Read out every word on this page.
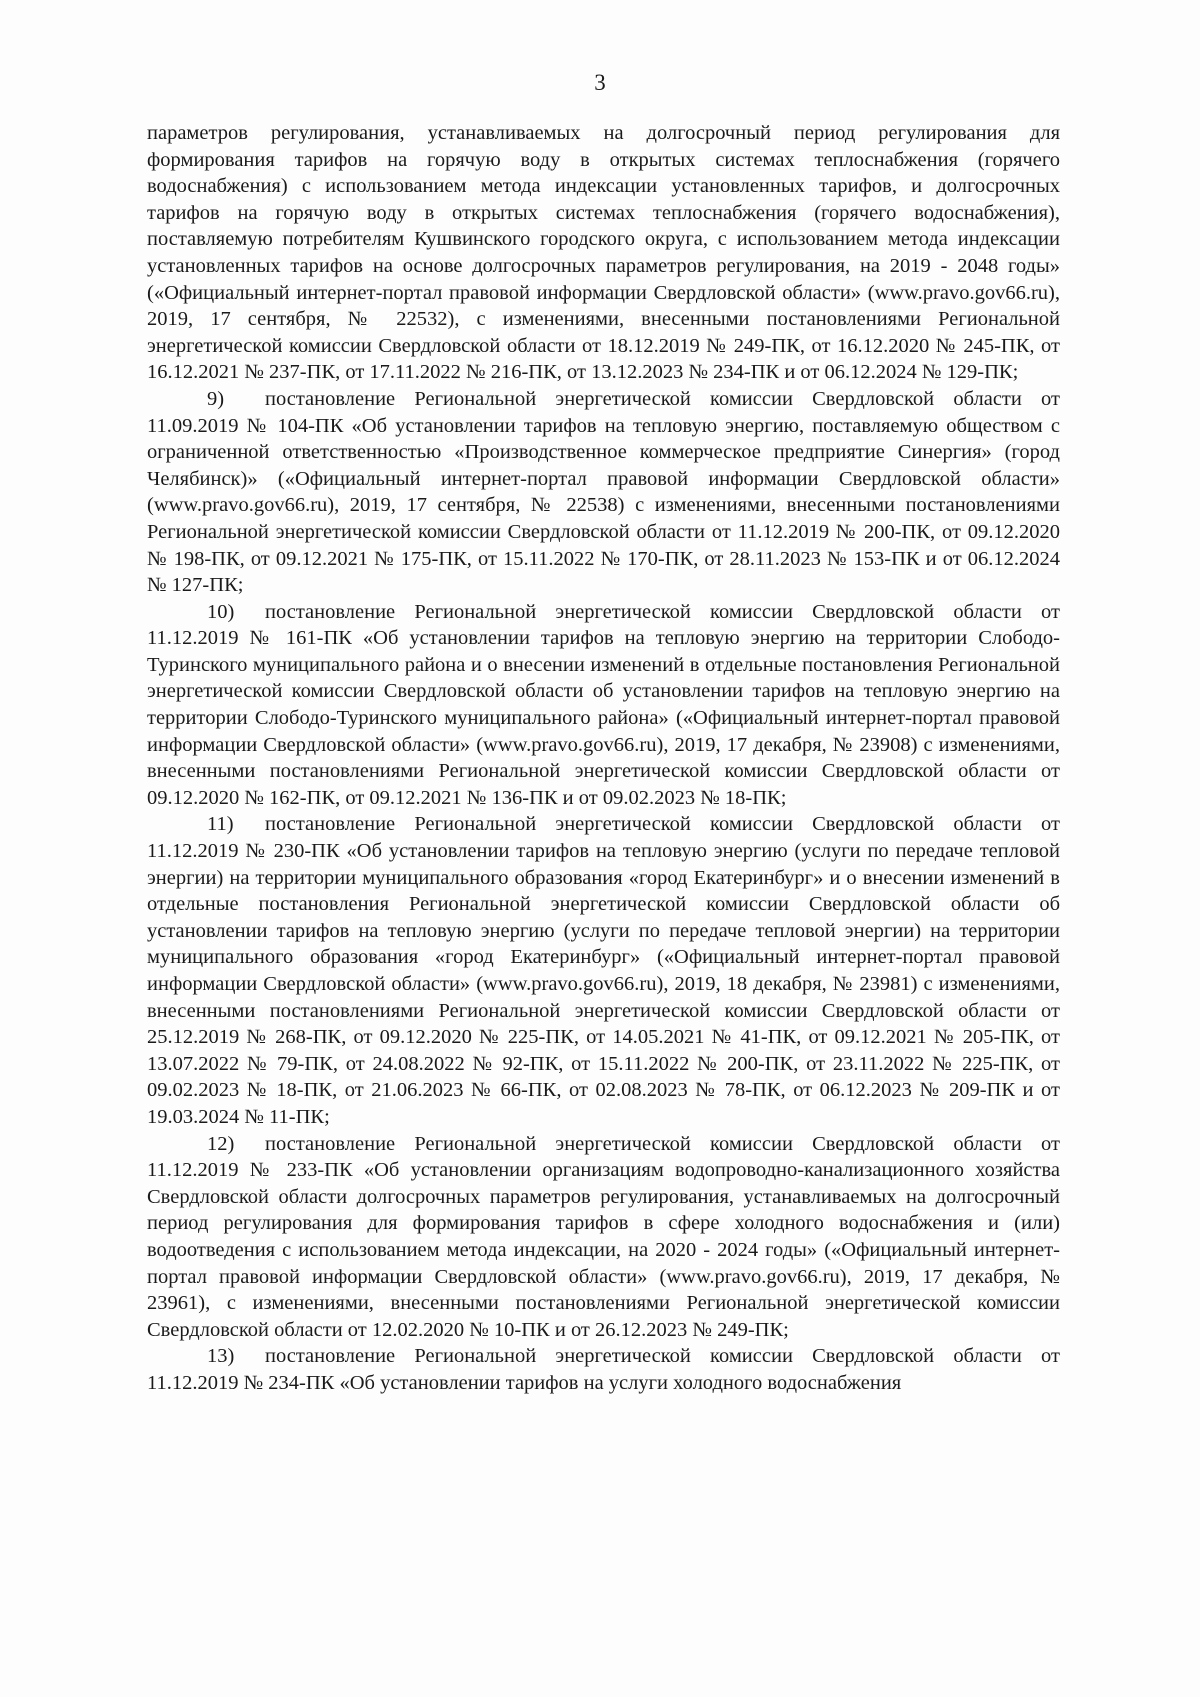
3

параметров регулирования, устанавливаемых на долгосрочный период регулирования для формирования тарифов на горячую воду в открытых системах теплоснабжения (горячего водоснабжения) с использованием метода индексации установленных тарифов, и долгосрочных тарифов на горячую воду в открытых системах теплоснабжения (горячего водоснабжения), поставляемую потребителям Кушвинского городского округа, с использованием метода индексации установленных тарифов на основе долгосрочных параметров регулирования, на 2019 - 2048 годы» («Официальный интернет-портал правовой информации Свердловской области» (www.pravo.gov66.ru), 2019, 17 сентября, № 22532), с изменениями, внесенными постановлениями Региональной энергетической комиссии Свердловской области от 18.12.2019 № 249-ПК, от 16.12.2020 № 245-ПК, от 16.12.2021 № 237-ПК, от 17.11.2022 № 216-ПК, от 13.12.2023 № 234-ПК и от 06.12.2024 № 129-ПК;

9) постановление Региональной энергетической комиссии Свердловской области от 11.09.2019 № 104-ПК «Об установлении тарифов на тепловую энергию, поставляемую обществом с ограниченной ответственностью «Производственное коммерческое предприятие Синергия» (город Челябинск)» («Официальный интернет-портал правовой информации Свердловской области» (www.pravo.gov66.ru), 2019, 17 сентября, № 22538) с изменениями, внесенными постановлениями Региональной энергетической комиссии Свердловской области от 11.12.2019 № 200-ПК, от 09.12.2020 № 198-ПК, от 09.12.2021 № 175-ПК, от 15.11.2022 № 170-ПК, от 28.11.2023 № 153-ПК и от 06.12.2024 № 127-ПК;

10) постановление Региональной энергетической комиссии Свердловской области от 11.12.2019 № 161-ПК «Об установлении тарифов на тепловую энергию на территории Слободо-Туринского муниципального района и о внесении изменений в отдельные постановления Региональной энергетической комиссии Свердловской области об установлении тарифов на тепловую энергию на территории Слободо-Туринского муниципального района» («Официальный интернет-портал правовой информации Свердловской области» (www.pravo.gov66.ru), 2019, 17 декабря, № 23908) с изменениями, внесенными постановлениями Региональной энергетической комиссии Свердловской области от 09.12.2020 № 162-ПК, от 09.12.2021 № 136-ПК и от 09.02.2023 № 18-ПК;

11) постановление Региональной энергетической комиссии Свердловской области от 11.12.2019 № 230-ПК «Об установлении тарифов на тепловую энергию (услуги по передаче тепловой энергии) на территории муниципального образования «город Екатеринбург» и о внесении изменений в отдельные постановления Региональной энергетической комиссии Свердловской области об установлении тарифов на тепловую энергию (услуги по передаче тепловой энергии) на территории муниципального образования «город Екатеринбург» («Официальный интернет-портал правовой информации Свердловской области» (www.pravo.gov66.ru), 2019, 18 декабря, № 23981) с изменениями, внесенными постановлениями Региональной энергетической комиссии Свердловской области от 25.12.2019 № 268-ПК, от 09.12.2020 № 225-ПК, от 14.05.2021 № 41-ПК, от 09.12.2021 № 205-ПК, от 13.07.2022 № 79-ПК, от 24.08.2022 № 92-ПК, от 15.11.2022 № 200-ПК, от 23.11.2022 № 225-ПК, от 09.02.2023 № 18-ПК, от 21.06.2023 № 66-ПК, от 02.08.2023 № 78-ПК, от 06.12.2023 № 209-ПК и от 19.03.2024 № 11-ПК;

12) постановление Региональной энергетической комиссии Свердловской области от 11.12.2019 № 233-ПК «Об установлении организациям водопроводно-канализационного хозяйства Свердловской области долгосрочных параметров регулирования, устанавливаемых на долгосрочный период регулирования для формирования тарифов в сфере холодного водоснабжения и (или) водоотведения с использованием метода индексации, на 2020 - 2024 годы» («Официальный интернет-портал правовой информации Свердловской области» (www.pravo.gov66.ru), 2019, 17 декабря, № 23961), с изменениями, внесенными постановлениями Региональной энергетической комиссии Свердловской области от 12.02.2020 № 10-ПК и от 26.12.2023 № 249-ПК;

13) постановление Региональной энергетической комиссии Свердловской области от 11.12.2019 № 234-ПК «Об установлении тарифов на услуги холодного водоснабжения
